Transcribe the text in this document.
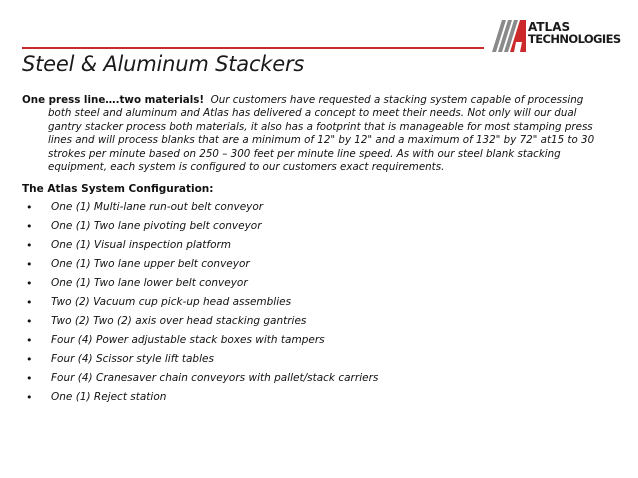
ATLAS
TECHNOLOGIES
Steel & Aluminum Stackers

One press line….two materials! Our customers have requested a stacking system capable of processing both steel and aluminum and Atlas has delivered a concept to meet their needs. Not only will our dual gantry stacker process both materials, it also has a footprint that is manageable for most stamping press lines and will process blanks that are a minimum of 12" by 12" and a maximum of 132" by 72" at15 to 30 strokes per minute based on 250 – 300 feet per minute line speed. As with our steel blank stacking equipment, each system is configured to our customers exact requirements.

The Atlas System Configuration:
• One (1) Multi-lane run-out belt conveyor
• One (1) Two lane pivoting belt conveyor
• One (1) Visual inspection platform
• One (1) Two lane upper belt conveyor
• One (1) Two lane lower belt conveyor
• Two (2) Vacuum cup pick-up head assemblies
• Two (2) Two (2) axis over head stacking gantries
• Four (4) Power adjustable stack boxes with tampers
• Four (4) Scissor style lift tables
• Four (4) Cranesaver chain conveyors with pallet/stack carriers
• One (1) Reject station
